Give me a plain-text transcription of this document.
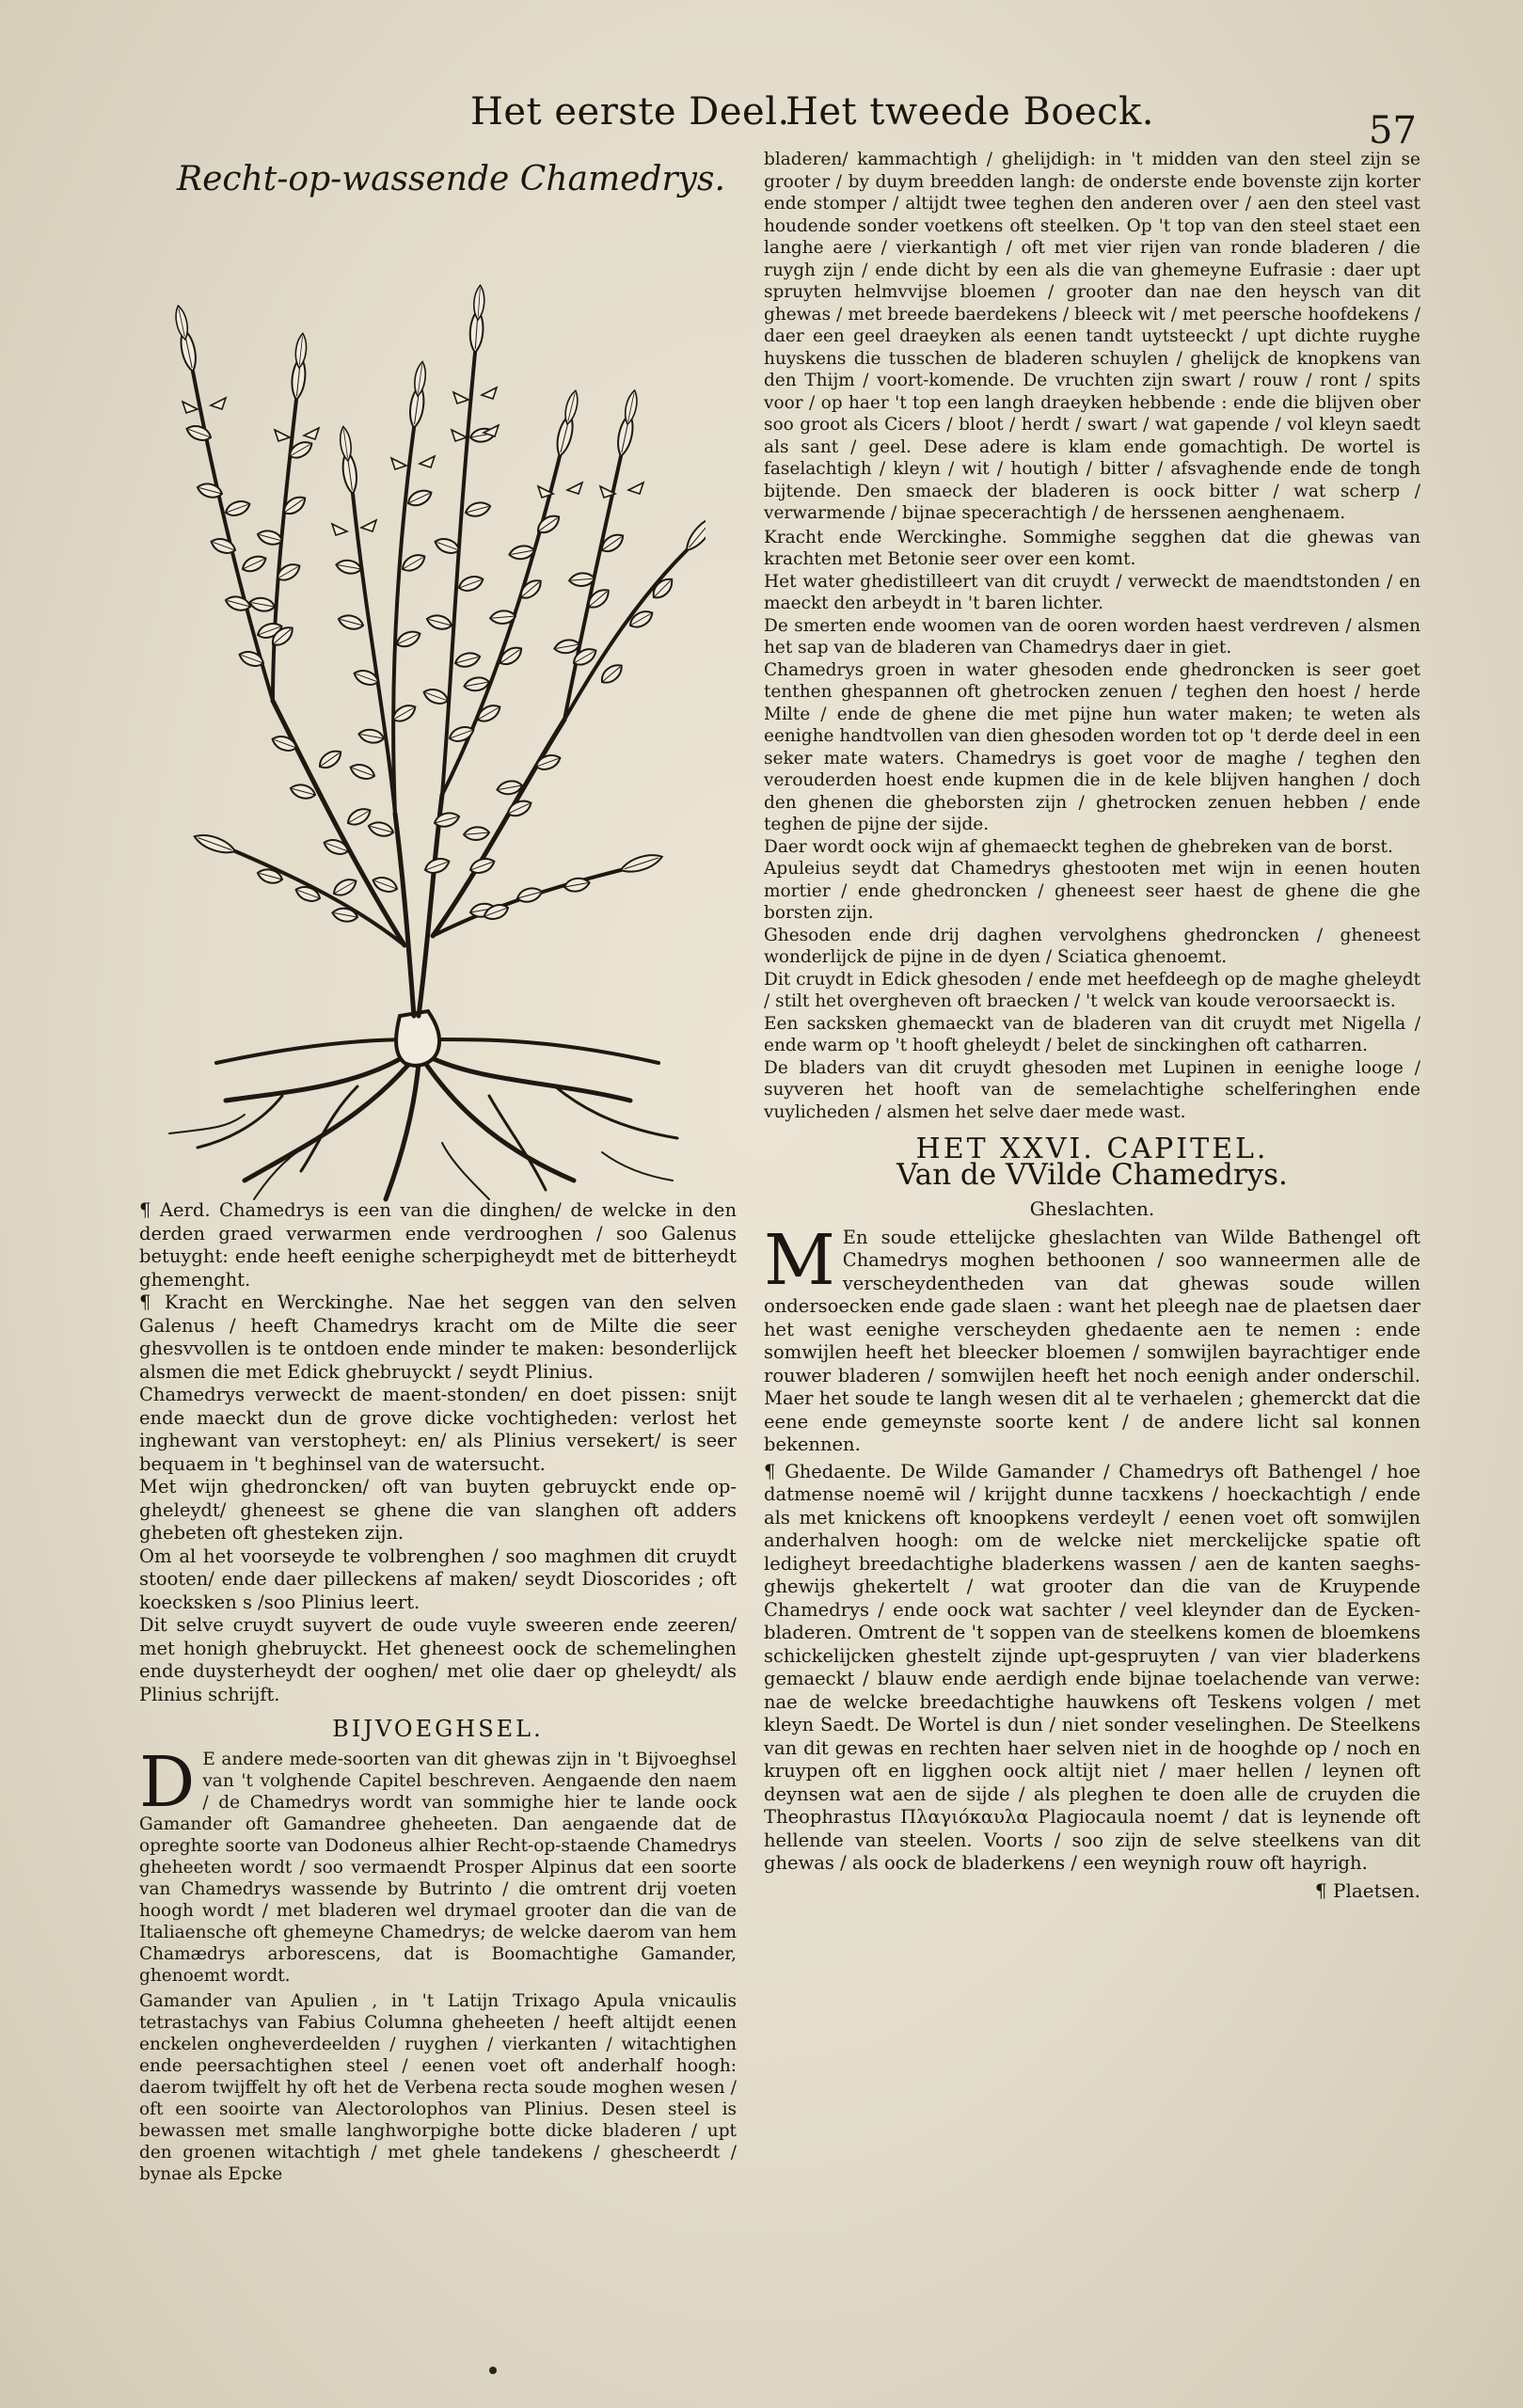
Het eerste Deel.
Het tweede Boeck.	57
Recht-op-wassende Chamedrys.

¶ Aerd. Chamedrys is een van die dinghen/ de welcke in den derden graed verwarmen ende verdrooghen / soo Galenus betuyght: ende heeft eenighe scherpigheydt met de bitterheydt ghemenght.

¶ Kracht en Werckinghe. Nae het seggen van den selven Galenus / heeft Chamedrys kracht om de Milte die seer ghesvvollen is te ontdoen ende minder te maken: besonderlijck alsmen die met Edick ghebruyckt / seydt Plinius.

Chamedrys verweckt de maent-stonden/ en doet pissen: snijt ende maeckt dun de grove dicke vochtigheden: verlost het inghewant van verstopheyt: en/ als Plinius versekert/ is seer bequaem in 't beghinsel van de watersucht.

Met wijn ghedroncken/ oft van buyten gebruyckt ende op-gheleydt/ gheneest se ghene die van slanghen oft adders ghebeten oft ghesteken zijn.

Om al het voorseyde te volbrenghen / soo maghmen dit cruydt stooten/ ende daer pilleckens af maken/ seydt Dioscorides ; oft koecksken s /soo Plinius leert.

Dit selve cruydt suyvert de oude vuyle sweeren ende zeeren/ met honigh ghebruyckt. Het gheneest oock de schemelinghen ende duysterheydt der ooghen/ met olie daer op gheleydt/ als Plinius schrijft.

BIJVOEGHSEL.

D E andere mede-soorten van dit ghewas zijn in 't Bijvoeghsel van 't volghende Capitel beschreven. Aengaende den naem / de Chamedrys wordt van sommighe hier te lande oock Gamander oft Gamandree gheheeten. Dan aengaende dat de opreghte soorte van Dodoneus alhier Recht-op-staende Chamedrys gheheeten wordt / soo vermaendt Prosper Alpinus dat een soorte van Chamedrys wassende by Butrinto / die omtrent drij voeten hoogh wordt / met bladeren wel drymael grooter dan die van de Italiaensche oft ghemeyne Chamedrys; de welcke daerom van hem Chamædrys arborescens, dat is Boomachtighe Gamander, ghenoemt wordt.

Gamander van Apulien , in 't Latijn Trixago Apula vnicaulis tetrastachys van Fabius Columna gheheeten / heeft altijdt eenen enckelen ongheverdeelden / ruyghen / vierkanten / witachtighen ende peersachtighen steel / eenen voet oft anderhalf hoogh: daerom twijffelt hy oft het de Verbena recta soude moghen wesen / oft een sooirte van Alectorolophos van Plinius. Desen steel is bewassen met smalle langhworpighe botte dicke bladeren / upt den groenen witachtigh / met ghele tandekens / ghescheerdt / bynae als Epcke

bladeren/ kammachtigh / ghelijdigh: in 't midden van den steel zijn se grooter / by duym breedden langh: de onderste ende bovenste zijn korter ende stomper / altijdt twee teghen den anderen over / aen den steel vast houdende sonder voetkens oft steelken. Op 't top van den steel staet een langhe aere / vierkantigh / oft met vier rijen van ronde bladeren / die ruygh zijn / ende dicht by een als die van ghemeyne Eufrasie : daer upt spruyten helmvvijse bloemen / grooter dan nae den heysch van dit ghewas / met breede baerdekens / bleeck wit / met peersche hoofdekens / daer een geel draeyken als eenen tandt uytsteeckt / upt dichte ruyghe huyskens die tusschen de bladeren schuylen / ghelijck de knopkens van den Thijm / voort-komende. De vruchten zijn swart / rouw / ront / spits voor / op haer 't top een langh draeyken hebbende : ende die blijven ober soo groot als Cicers / bloot / herdt / swart / wat gapende / vol kleyn saedt als sant / geel. Dese adere is klam ende gomachtigh. De wortel is faselachtigh / kleyn / wit / houtigh / bitter / afsvaghende ende de tongh bijtende. Den smaeck der bladeren is oock bitter / wat scherp / verwarmende / bijnae specerachtigh / de herssenen aenghenaem.

Kracht ende Werckinghe. Sommighe segghen dat die ghewas van krachten met Betonie seer over een komt.

Het water ghedistilleert van dit cruydt / verweckt de maendtstonden / en maeckt den arbeydt in 't baren lichter.

De smerten ende woomen van de ooren worden haest verdreven / alsmen het sap van de bladeren van Chamedrys daer in giet.

Chamedrys groen in water ghesoden ende ghedroncken is seer goet tenthen ghespannen oft ghetrocken zenuen / teghen den hoest / herde Milte / ende de ghene die met pijne hun water maken; te weten als eenighe handtvollen van dien ghesoden worden tot op 't derde deel in een seker mate waters. Chamedrys is goet voor de maghe / teghen den verouderden hoest ende kupmen die in de kele blijven hanghen / doch den ghenen die gheborsten zijn / ghetrocken zenuen hebben / ende teghen de pijne der sijde.

Daer wordt oock wijn af ghemaeckt teghen de ghebreken van de borst.

Apuleius seydt dat Chamedrys ghestooten met wijn in eenen houten mortier / ende ghedroncken / gheneest seer haest de ghene die ghe borsten zijn.

Ghesoden ende drij daghen vervolghens ghedroncken / gheneest wonderlijck de pijne in de dyen / Sciatica ghenoemt.

Dit cruydt in Edick ghesoden / ende met heefdeegh op de maghe gheleydt / stilt het overgheven oft braecken / 't welck van koude veroorsaeckt is.

Een sacksken ghemaeckt van de bladeren van dit cruydt met Nigella / ende warm op 't hooft gheleydt / belet de sinckinghen oft catharren.

De bladers van dit cruydt ghesoden met Lupinen in eenighe looge / suyveren het hooft van de semelachtighe schelferinghen ende vuylicheden / alsmen het selve daer mede wast.

HET XXVI. CAPITEL.
Van de VVilde Chamedrys.
Gheslachten.

M En soude ettelijcke gheslachten van Wilde Bathengel oft Chamedrys moghen bethoonen / soo wanneermen alle de verscheydentheden van dat ghewas soude willen ondersoecken ende gade slaen : want het pleegh nae de plaetsen daer het wast eenighe verscheyden ghedaente aen te nemen : ende somwijlen heeft het bleecker bloemen / somwijlen bayrachtiger ende rouwer bladeren / somwijlen heeft het noch eenigh ander onderschil. Maer het soude te langh wesen dit al te verhaelen ; ghemerckt dat die eene ende gemeynste soorte kent / de andere licht sal konnen bekennen.

¶ Ghedaente. De Wilde Gamander / Chamedrys oft Bathengel / hoe datmense noemē wil / krijght dunne tacxkens / hoeckachtigh / ende als met knickens oft knoopkens verdeylt / eenen voet oft somwijlen anderhalven hoogh: om de welcke niet merckelijcke spatie oft ledigheyt breedachtighe bladerkens wassen / aen de kanten saeghs-ghewijs ghekertelt / wat grooter dan die van de Kruypende Chamedrys / ende oock wat sachter / veel kleynder dan de Eycken-bladeren. Omtrent de 't soppen van de steelkens komen de bloemkens schickelijcken ghestelt zijnde upt-gespruyten / van vier bladerkens gemaeckt / blauw ende aerdigh ende bijnae toelachende van verwe: nae de welcke breedachtighe hauwkens oft Teskens volgen / met kleyn Saedt. De Wortel is dun / niet sonder veselinghen. De Steelkens van dit gewas en rechten haer selven niet in de hooghde op / noch en kruypen oft en ligghen oock altijt niet / maer hellen / leynen oft deynsen wat aen de sijde / als pleghen te doen alle de cruyden die Theophrastus Πλαγιόκαυλα Plagiocaula noemt / dat is leynende oft hellende van steelen. Voorts / soo zijn de selve steelkens van dit ghewas / als oock de bladerkens / een weynigh rouw oft hayrigh.

¶ Plaetsen.
